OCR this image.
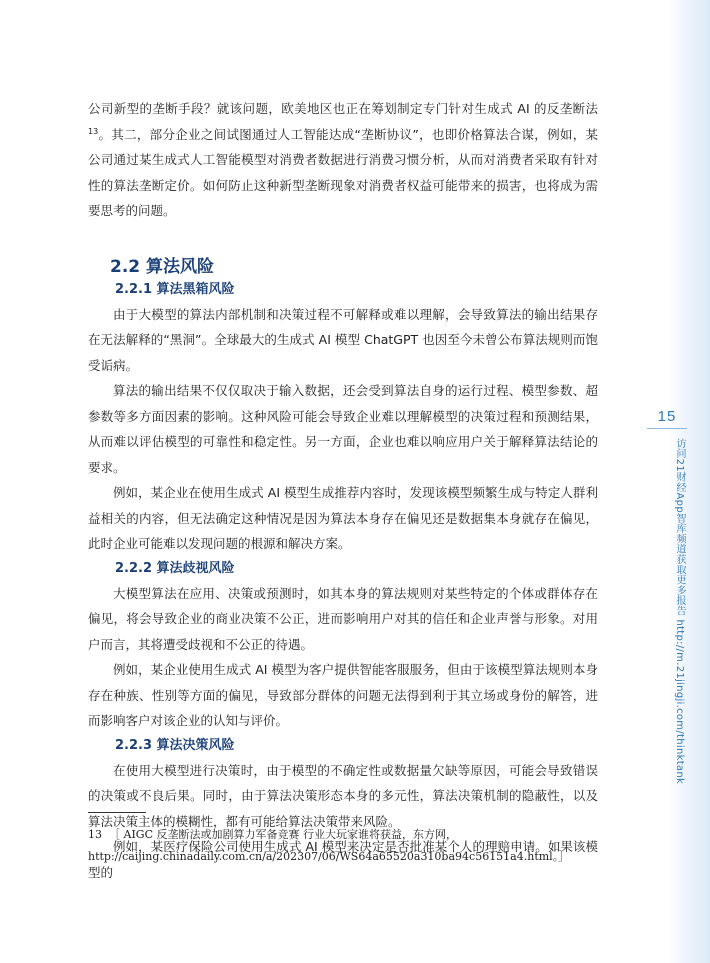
15
访问21财经App智库频道获取更多报告 http://m.21jingji.com/thinktank

公司新型的垄断手段？就该问题，欧美地区也正在筹划制定专门针对生成式 AI 的反垄断法$^{13}$。其二，部分企业之间试图通过人工智能达成“垄断协议”，也即价格算法合谋，例如，某公司通过某生成式人工智能模型对消费者数据进行消费习惯分析，从而对消费者采取有针对性的算法垄断定价。如何防止这种新型垄断现象对消费者权益可能带来的损害，也将成为需要思考的问题。

2.2 算法风险
2.2.1 算法黑箱风险

由于大模型的算法内部机制和决策过程不可解释或难以理解，会导致算法的输出结果存在无法解释的“黑洞”。全球最大的生成式 AI 模型 ChatGPT 也因至今未曾公布算法规则而饱受诟病。

算法的输出结果不仅仅取决于输入数据，还会受到算法自身的运行过程、模型参数、超参数等多方面因素的影响。这种风险可能会导致企业难以理解模型的决策过程和预测结果，从而难以评估模型的可靠性和稳定性。另一方面，企业也难以响应用户关于解释算法结论的要求。

例如，某企业在使用生成式 AI 模型生成推荐内容时，发现该模型频繁生成与特定人群利益相关的内容，但无法确定这种情况是因为算法本身存在偏见还是数据集本身就存在偏见，此时企业可能难以发现问题的根源和解决方案。

2.2.2 算法歧视风险

大模型算法在应用、决策或预测时，如其本身的算法规则对某些特定的个体或群体存在偏见，将会导致企业的商业决策不公正，进而影响用户对其的信任和企业声誉与形象。对用户而言，其将遭受歧视和不公正的待遇。

例如，某企业使用生成式 AI 模型为客户提供智能客服服务，但由于该模型算法规则本身存在种族、性别等方面的偏见，导致部分群体的问题无法得到利于其立场或身份的解答，进而影响客户对该企业的认知与评价。

2.2.3 算法决策风险

在使用大模型进行决策时，由于模型的不确定性或数据量欠缺等原因，可能会导致错误的决策或不良后果。同时，由于算法决策形态本身的多元性，算法决策机制的隐蔽性，以及算法决策主体的模糊性，都有可能给算法决策带来风险。

例如，某医疗保险公司使用生成式 AI 模型来决定是否批准某个人的理赔申请。如果该模型的

13 ［ AIGC 反垄断法或加剧算力军备竞赛 行业大玩家谁将获益，东方网，http://caijing.chinadaily.com.cn/a/202307/06/WS64a65520a310ba94c56151a4.html。］
